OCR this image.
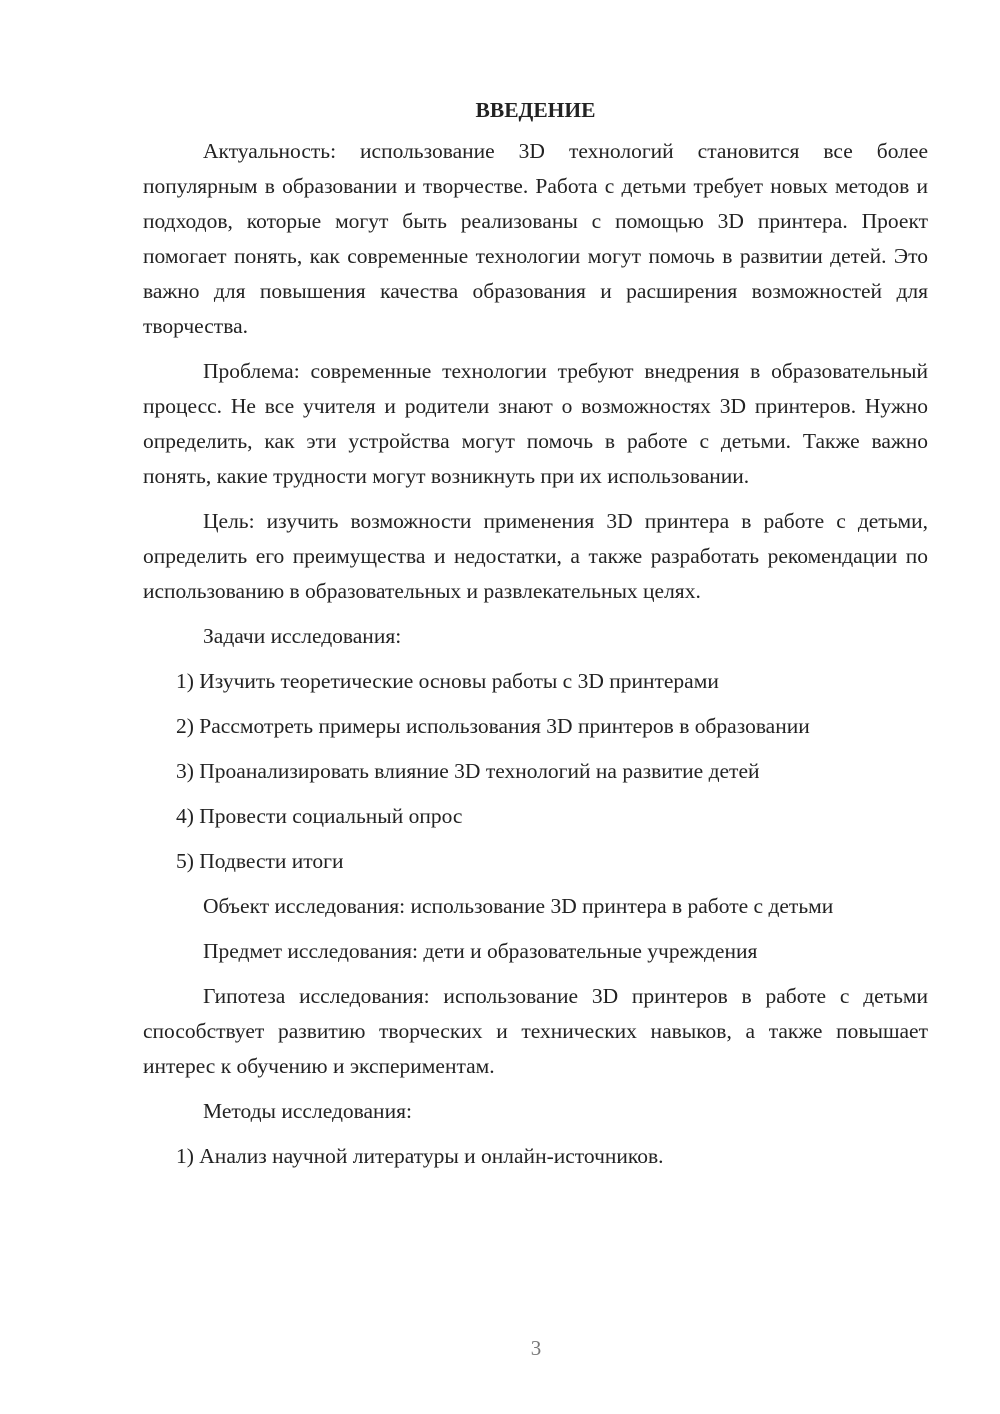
ВВЕДЕНИЕ

Актуальность: использование 3D технологий становится все более популярным в образовании и творчестве. Работа с детьми требует новых методов и подходов, которые могут быть реализованы с помощью 3D принтера. Проект помогает понять, как современные технологии могут помочь в развитии детей. Это важно для повышения качества образования и расширения возможностей для творчества.

Проблема: современные технологии требуют внедрения в образовательный процесс. Не все учителя и родители знают о возможностях 3D принтеров. Нужно определить, как эти устройства могут помочь в работе с детьми. Также важно понять, какие трудности могут возникнуть при их использовании.

Цель: изучить возможности применения 3D принтера в работе с детьми, определить его преимущества и недостатки, а также разработать рекомендации по использованию в образовательных и развлекательных целях.

Задачи исследования:

1) Изучить теоретические основы работы с 3D принтерами
2) Рассмотреть примеры использования 3D принтеров в образовании
3) Проанализировать влияние 3D технологий на развитие детей
4) Провести социальный опрос
5) Подвести итоги

Объект исследования: использование 3D принтера в работе с детьми

Предмет исследования: дети и образовательные учреждения

Гипотеза исследования: использование 3D принтеров в работе с детьми способствует развитию творческих и технических навыков, а также повышает интерес к обучению и экспериментам.

Методы исследования:

1) Анализ научной литературы и онлайн-источников.
3
